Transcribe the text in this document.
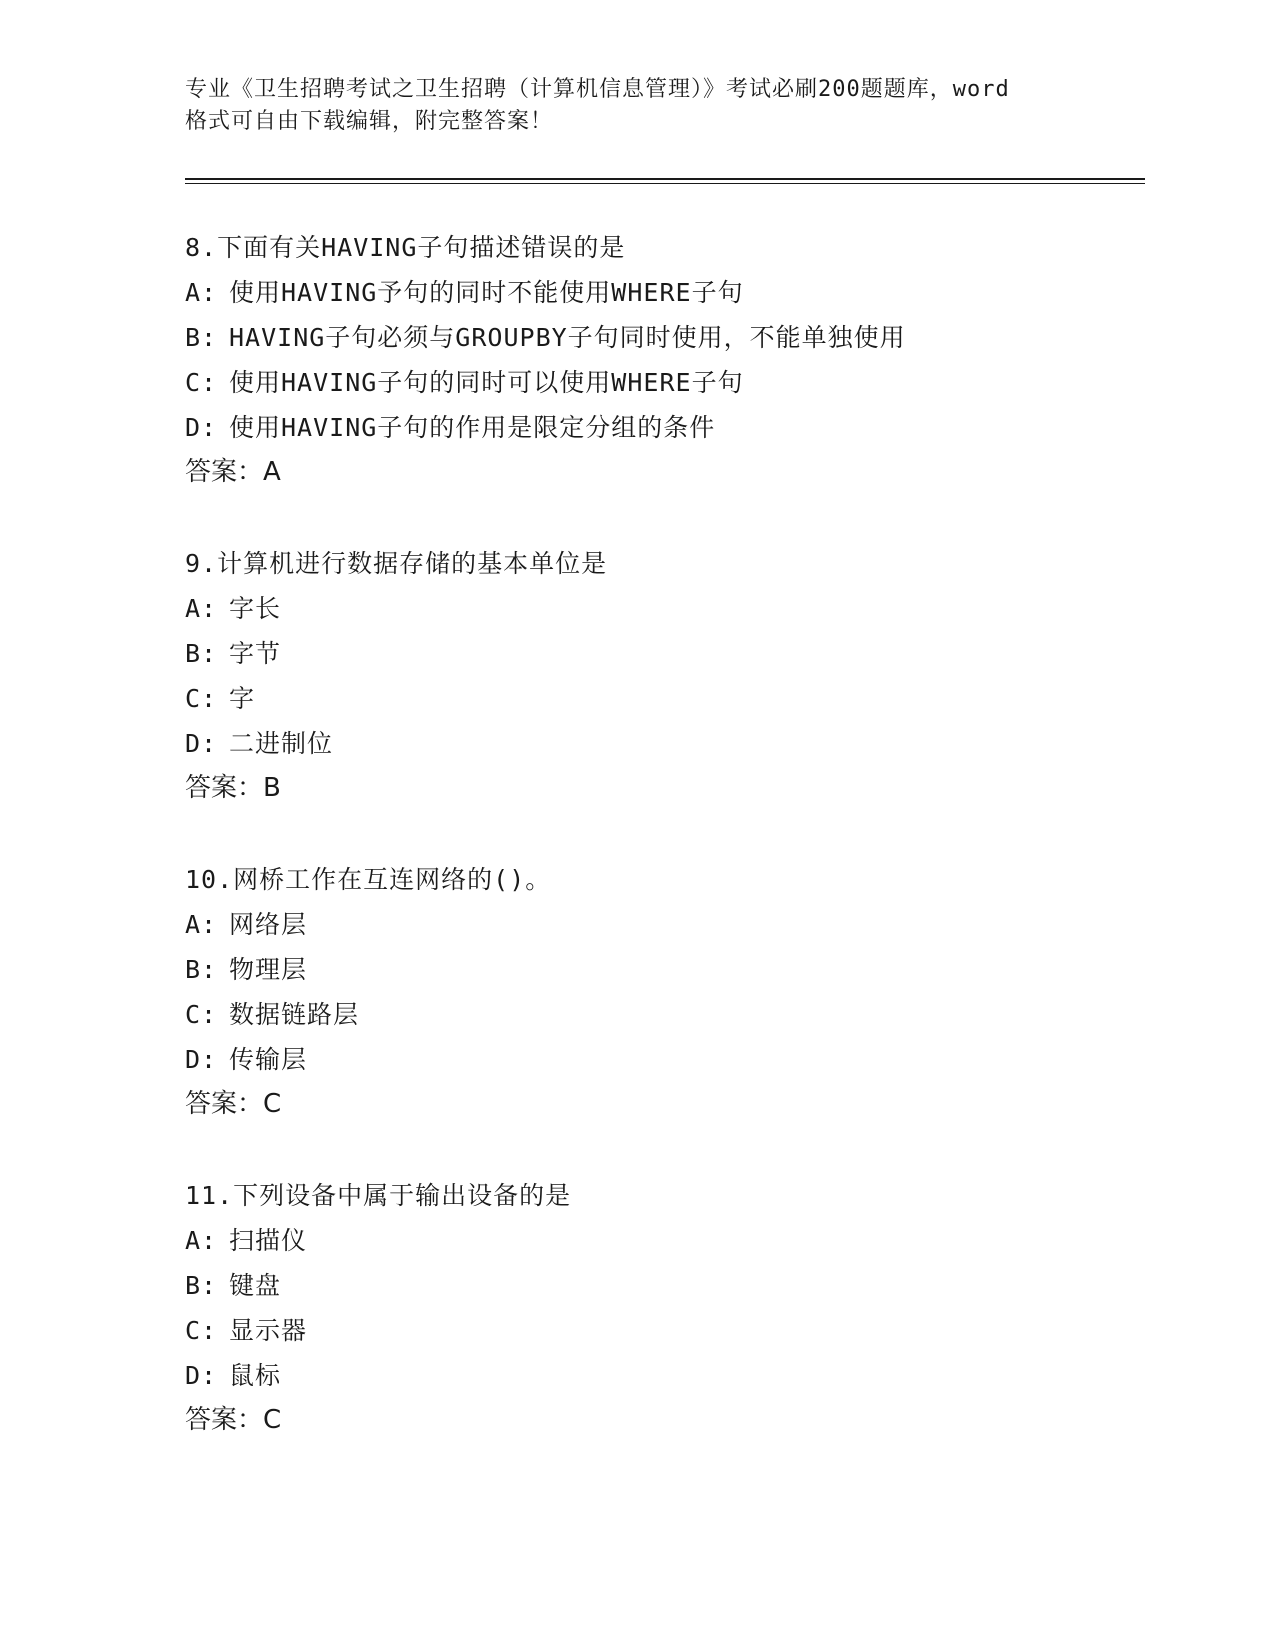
专业《卫生招聘考试之卫生招聘（计算机信息管理）》考试必刷200题题库，word
格式可自由下载编辑，附完整答案！
8.下面有关HAVING子句描述错误的是
A: 使用HAVING予句的同时不能使用WHERE子句
B: HAVING子句必须与GROUPBY子句同时使用，不能单独使用
C: 使用HAVING子句的同时可以使用WHERE子句
D: 使用HAVING子句的作用是限定分组的条件
答案：A
9.计算机进行数据存储的基本单位是
A: 字长
B: 字节
C: 字
D: 二进制位
答案：B
10.网桥工作在互连网络的()。
A: 网络层
B: 物理层
C: 数据链路层
D: 传输层
答案：C
11.下列设备中属于输出设备的是
A: 扫描仪
B: 键盘
C: 显示器
D: 鼠标
答案：C
